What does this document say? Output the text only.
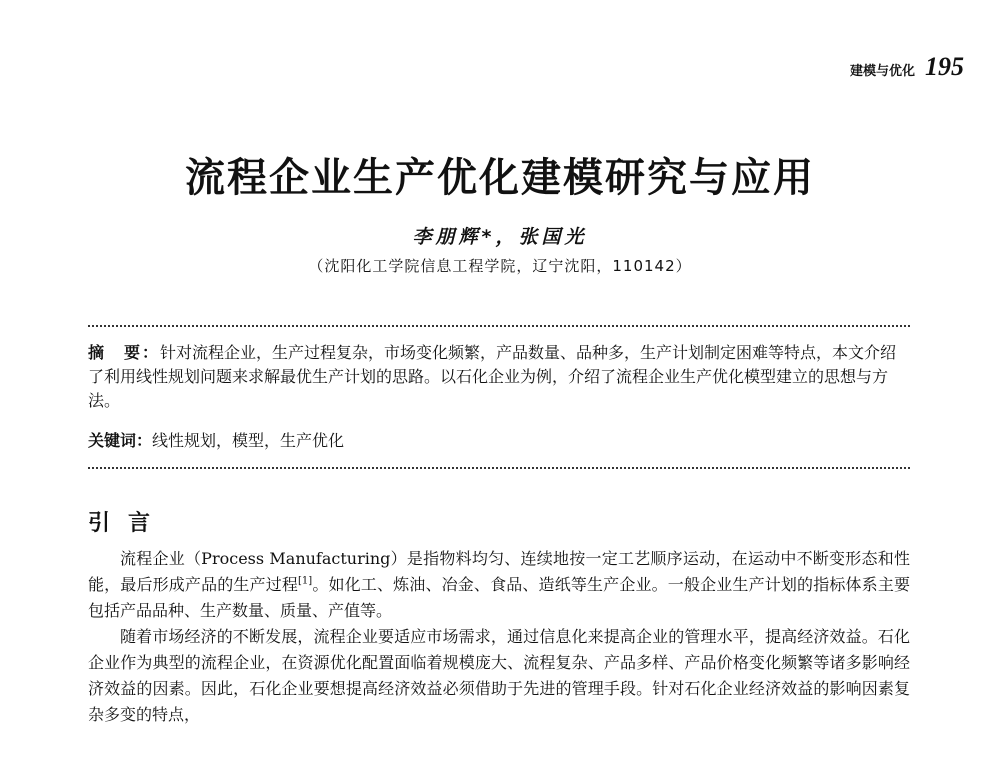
建模与优化 195
流程企业生产优化建模研究与应用
李朋辉*，张国光
（沈阳化工学院信息工程学院，辽宁沈阳，110142）
摘　要：针对流程企业，生产过程复杂，市场变化频繁，产品数量、品种多，生产计划制定困难等特点，本文介绍了利用线性规划问题来求解最优生产计划的思路。以石化企业为例，介绍了流程企业生产优化模型建立的思想与方法。
关键词：线性规划，模型，生产优化
引言

流程企业（Process Manufacturing）是指物料均匀、连续地按一定工艺顺序运动，在运动中不断变形态和性能，最后形成产品的生产过程[1]。如化工、炼油、冶金、食品、造纸等生产企业。一般企业生产计划的指标体系主要包括产品品种、生产数量、质量、产值等。

随着市场经济的不断发展，流程企业要适应市场需求，通过信息化来提高企业的管理水平，提高经济效益。石化企业作为典型的流程企业，在资源优化配置面临着规模庞大、流程复杂、产品多样、产品价格变化频繁等诸多影响经济效益的因素。因此，石化企业要想提高经济效益必须借助于先进的管理手段。针对石化企业经济效益的影响因素复杂多变的特点，
